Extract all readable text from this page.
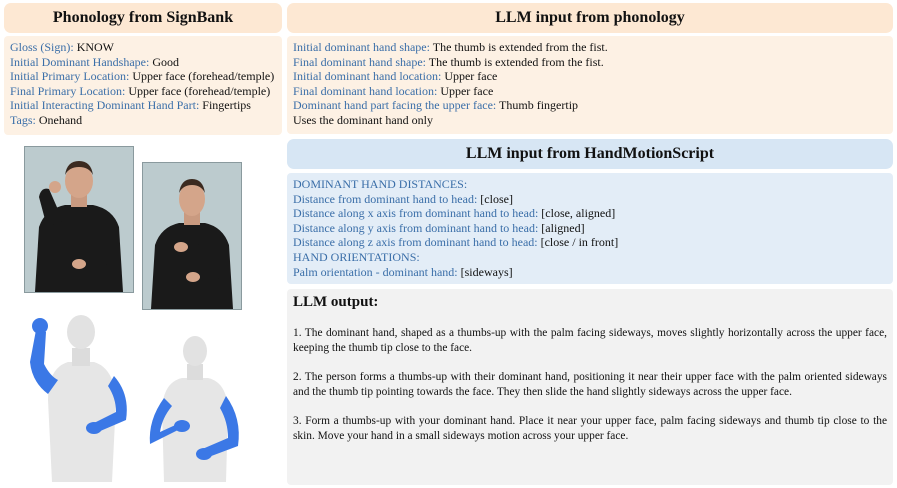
Phonology from SignBank
Gloss (Sign): KNOW
Initial Dominant Handshape: Good
Initial Primary Location: Upper face (forehead/temple)
Final Primary Location: Upper face (forehead/temple)
Initial Interacting Dominant Hand Part: Fingertips
Tags: Onehand
LLM input from phonology
Initial dominant hand shape: The thumb is extended from the fist.
Final dominant hand shape: The thumb is extended from the fist.
Initial dominant hand location: Upper face
Final dominant hand location: Upper face
Dominant hand part facing the upper face: Thumb fingertip
Uses the dominant hand only
LLM input from HandMotionScript
DOMINANT HAND DISTANCES:
Distance from dominant hand to head: [close]
Distance along x axis from dominant hand to head: [close, aligned]
Distance along y axis from dominant hand to head: [aligned]
Distance along z axis from dominant hand to head: [close / in front]
HAND ORIENTATIONS:
Palm orientation - dominant hand: [sideways]
LLM output:
1. The dominant hand, shaped as a thumbs-up with the palm facing sideways, moves slightly horizontally across the upper face, keeping the thumb tip close to the face.
2. The person forms a thumbs-up with their dominant hand, positioning it near their upper face with the palm oriented sideways and the thumb tip pointing towards the face. They then slide the hand slightly sideways across the upper face.
3. Form a thumbs-up with your dominant hand. Place it near your upper face, palm facing sideways and thumb tip close to the skin. Move your hand in a small sideways motion across your upper face.
